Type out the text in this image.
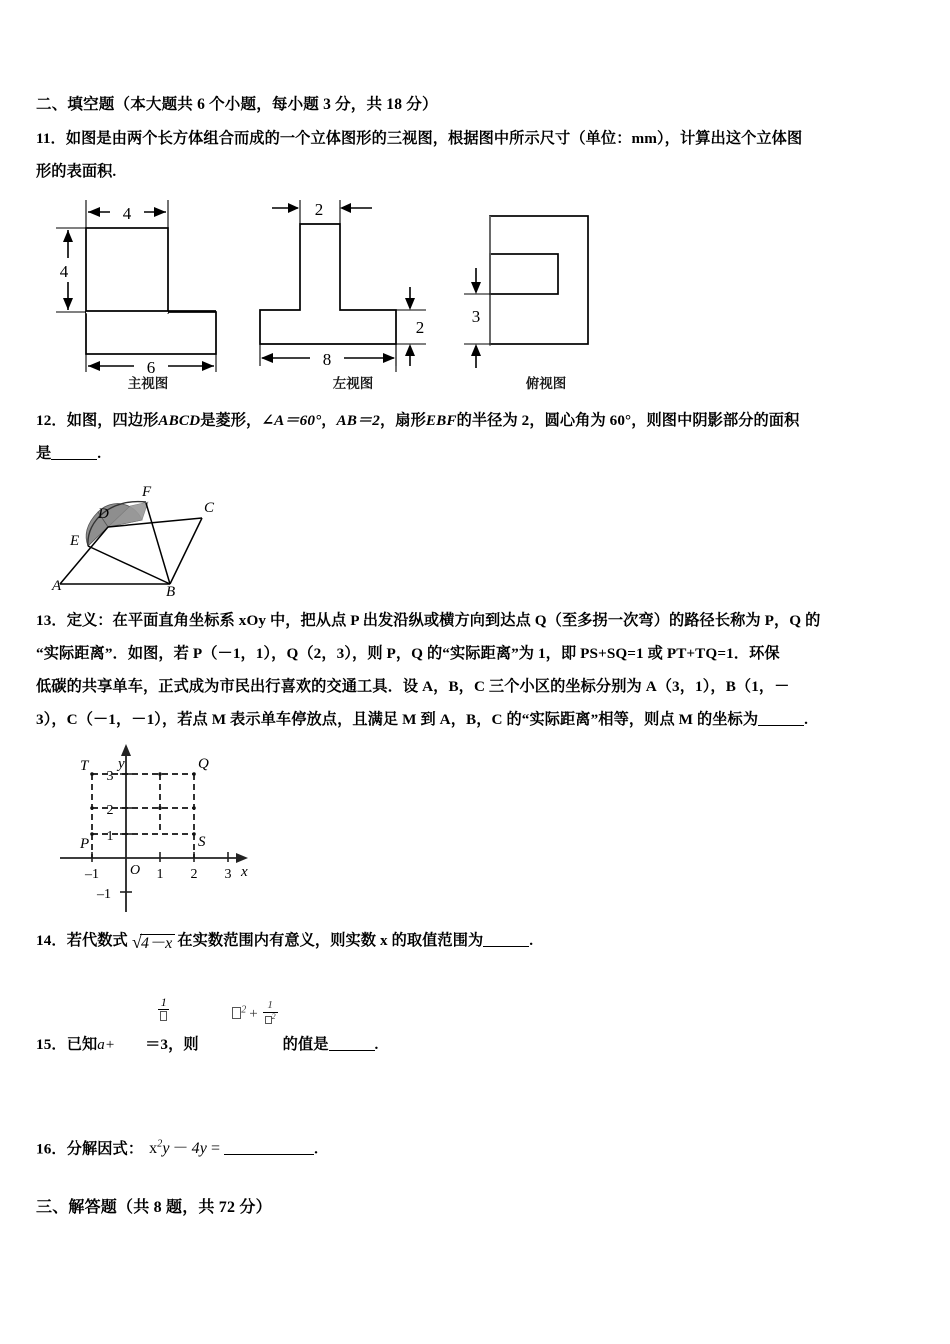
二、填空题（本大题共 6 个小题，每小题 3 分，共 18 分）

11．如图是由两个长方体组合而成的一个立体图形的三视图，根据图中所示尺寸（单位：mm），计算出这个立体图

形的表面积.

4
4
6
主视图
2
2
8
左视图
3
俯视图

12．如图，四边形ABCD是菱形，∠A＝60°，AB＝2，扇形EBF的半径为 2，圆心角为 60°，则图中阴影部分的面积

是	.

A	B
C
D
E
F

13．定义：在平面直角坐标系 xOy 中，把从点 P 出发沿纵或横方向到达点 Q（至多拐一次弯）的路径长称为 P，Q 的

“实际距离”．如图，若 P（－1，1），Q（2，3），则 P，Q 的“实际距离”为 1，即 PS+SQ=1 或 PT+TQ=1．环保

低碳的共享单车，正式成为市民出行喜欢的交通工具．设 A，B，C 三个小区的坐标分别为 A（3，1），B（1，－

3），C（－1，－1），若点 M 表示单车停放点，且满足 M 到 A，B，C 的“实际距离”相等，则点 M 的坐标为	.

y
x
O
–1	1 2 3
3
2
1
–1
T	Q
P	S

14．若代数式 √4－x 在实数范围内有意义，则实数 x 的取值范围为	.

15．已知a+ ＝3，则	的值是	.

1
$^2 + \frac{1}{^2}$

16．分解因式： $x^2y - 4y$ =	.

三、解答题（共 8 题，共 72 分）
